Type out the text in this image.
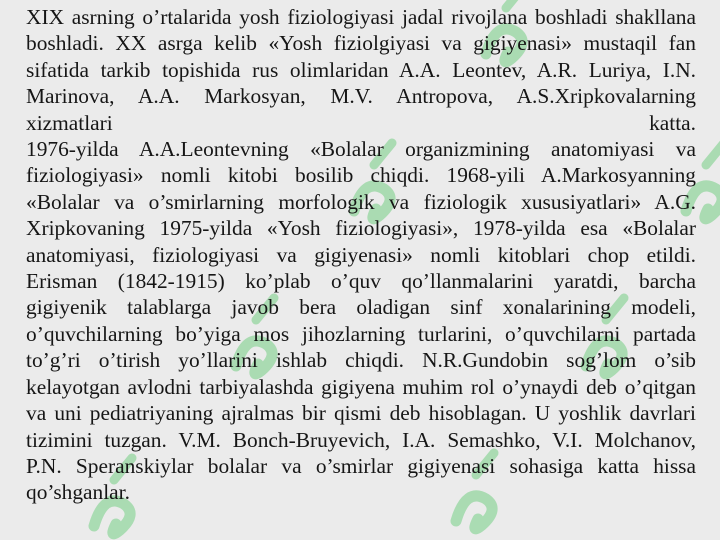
XIX asrning o’rtalarida yosh fiziologiyasi jadal rivojlana boshladi shakllana
boshladi. XX asrga kelib «Yosh fiziolgiyasi va gigiyenasi» mustaqil fan
sifatida tarkib topishida rus olimlaridan A.A. Leontev, A.R. Luriya, I.N.
Marinova, A.A. Markosyan, M.V. Antropova, A.S.Xripkovalarning
xizmatlari katta.
1976-yilda A.A.Leontevning «Bolalar organizmining anatomiyasi va
fiziologiyasi» nomli kitobi bosilib chiqdi. 1968-yili A.Markosyanning
«Bolalar va o’smirlarning morfologik va fiziologik xususiyatlari» A.G.
Xripkovaning 1975-yilda «Yosh fiziologiyasi», 1978-yilda esa «Bolalar
anatomiyasi, fiziologiyasi va gigiyenasi» nomli kitoblari chop etildi.
Erisman (1842-1915) ko’plab o’quv qo’llanmalarini yaratdi, barcha
gigiyenik talablarga javob bera oladigan sinf xonalarining modeli,
o’quvchilarning bo’yiga mos jihozlarning turlarini, o’quvchilarni partada
to’g’ri o’tirish yo’llarini ishlab chiqdi. N.R.Gundobin sog’lom o’sib
kelayotgan avlodni tarbiyalashda gigiyena muhim rol o’ynaydi deb o’qitgan
va uni pediatriyaning ajralmas bir qismi deb hisoblagan. U yoshlik davrlari
tizimini tuzgan. V.M. Bonch-Bruyevich, I.A. Semashko, V.I. Molchanov,
P.N. Speranskiylar bolalar va o’smirlar gigiyenasi sohasiga katta hissa
qo’shganlar.
